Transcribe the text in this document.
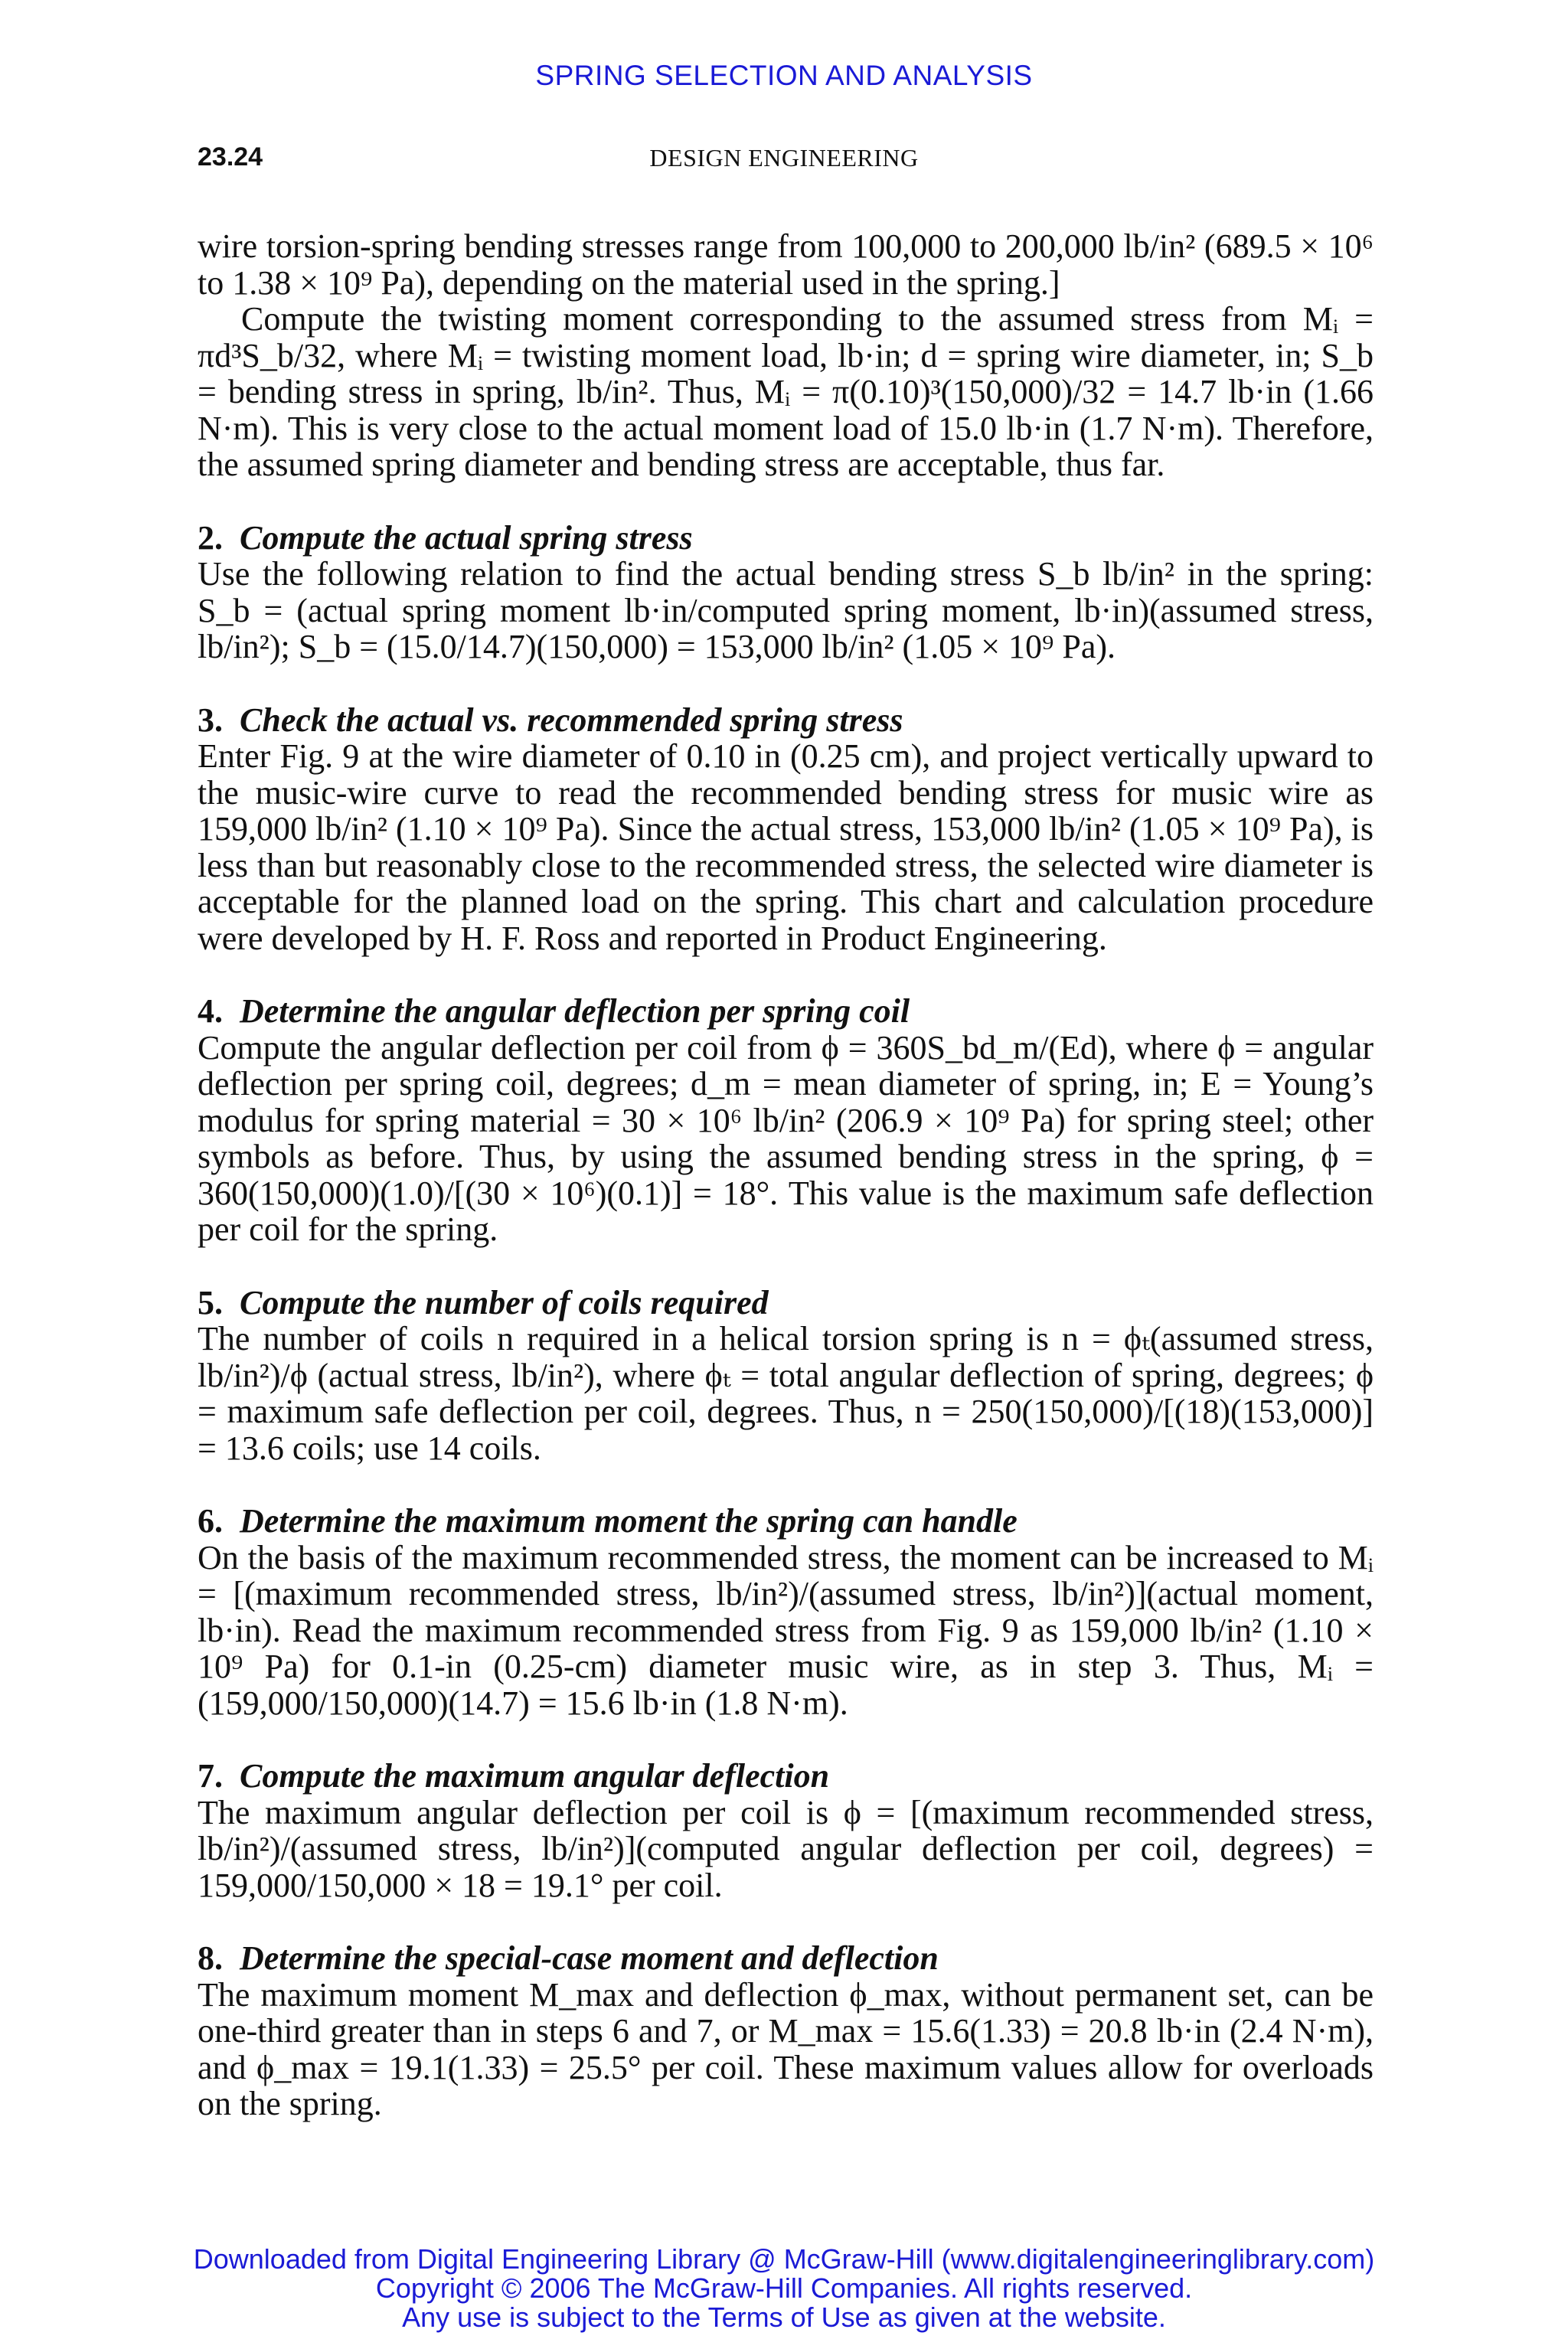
SPRING SELECTION AND ANALYSIS
23.24	DESIGN ENGINEERING

wire torsion-spring bending stresses range from 100,000 to 200,000 lb/in² (689.5 × 10⁶ to 1.38 × 10⁹ Pa), depending on the material used in the spring.]

Compute the twisting moment corresponding to the assumed stress from Mᵢ = πd³S_b/32, where Mᵢ = twisting moment load, lb·in; d = spring wire diameter, in; S_b = bending stress in spring, lb/in². Thus, Mᵢ = π(0.10)³(150,000)/32 = 14.7 lb·in (1.66 N·m). This is very close to the actual moment load of 15.0 lb·in (1.7 N·m). Therefore, the assumed spring diameter and bending stress are acceptable, thus far.

2. Compute the actual spring stress

Use the following relation to find the actual bending stress S_b lb/in² in the spring: S_b = (actual spring moment lb·in/computed spring moment, lb·in)(assumed stress, lb/in²); S_b = (15.0/14.7)(150,000) = 153,000 lb/in² (1.05 × 10⁹ Pa).

3. Check the actual vs. recommended spring stress

Enter Fig. 9 at the wire diameter of 0.10 in (0.25 cm), and project vertically upward to the music-wire curve to read the recommended bending stress for music wire as 159,000 lb/in² (1.10 × 10⁹ Pa). Since the actual stress, 153,000 lb/in² (1.05 × 10⁹ Pa), is less than but reasonably close to the recommended stress, the selected wire diameter is acceptable for the planned load on the spring. This chart and calculation procedure were developed by H. F. Ross and reported in Product Engineering.

4. Determine the angular deflection per spring coil

Compute the angular deflection per coil from ϕ = 360S_bd_m/(Ed), where ϕ = angular deflection per spring coil, degrees; d_m = mean diameter of spring, in; E = Young’s modulus for spring material = 30 × 10⁶ lb/in² (206.9 × 10⁹ Pa) for spring steel; other symbols as before. Thus, by using the assumed bending stress in the spring, ϕ = 360(150,000)(1.0)/[(30 × 10⁶)(0.1)] = 18°. This value is the maximum safe deflection per coil for the spring.

5. Compute the number of coils required

The number of coils n required in a helical torsion spring is n = ϕₜ(assumed stress, lb/in²)/ϕ (actual stress, lb/in²), where ϕₜ = total angular deflection of spring, degrees; ϕ = maximum safe deflection per coil, degrees. Thus, n = 250(150,000)/[(18)(153,000)] = 13.6 coils; use 14 coils.

6. Determine the maximum moment the spring can handle

On the basis of the maximum recommended stress, the moment can be increased to Mᵢ = [(maximum recommended stress, lb/in²)/(assumed stress, lb/in²)](actual moment, lb·in). Read the maximum recommended stress from Fig. 9 as 159,000 lb/in² (1.10 × 10⁹ Pa) for 0.1-in (0.25-cm) diameter music wire, as in step 3. Thus, Mᵢ = (159,000/150,000)(14.7) = 15.6 lb·in (1.8 N·m).

7. Compute the maximum angular deflection

The maximum angular deflection per coil is ϕ = [(maximum recommended stress, lb/in²)/(assumed stress, lb/in²)](computed angular deflection per coil, degrees) = 159,000/150,000 × 18 = 19.1° per coil.

8. Determine the special-case moment and deflection

The maximum moment M_max and deflection ϕ_max, without permanent set, can be one-third greater than in steps 6 and 7, or M_max = 15.6(1.33) = 20.8 lb·in (2.4 N·m), and ϕ_max = 19.1(1.33) = 25.5° per coil. These maximum values allow for overloads on the spring.

Downloaded from Digital Engineering Library @ McGraw-Hill (www.digitalengineeringlibrary.com)
Copyright © 2006 The McGraw-Hill Companies. All rights reserved.
Any use is subject to the Terms of Use as given at the website.
